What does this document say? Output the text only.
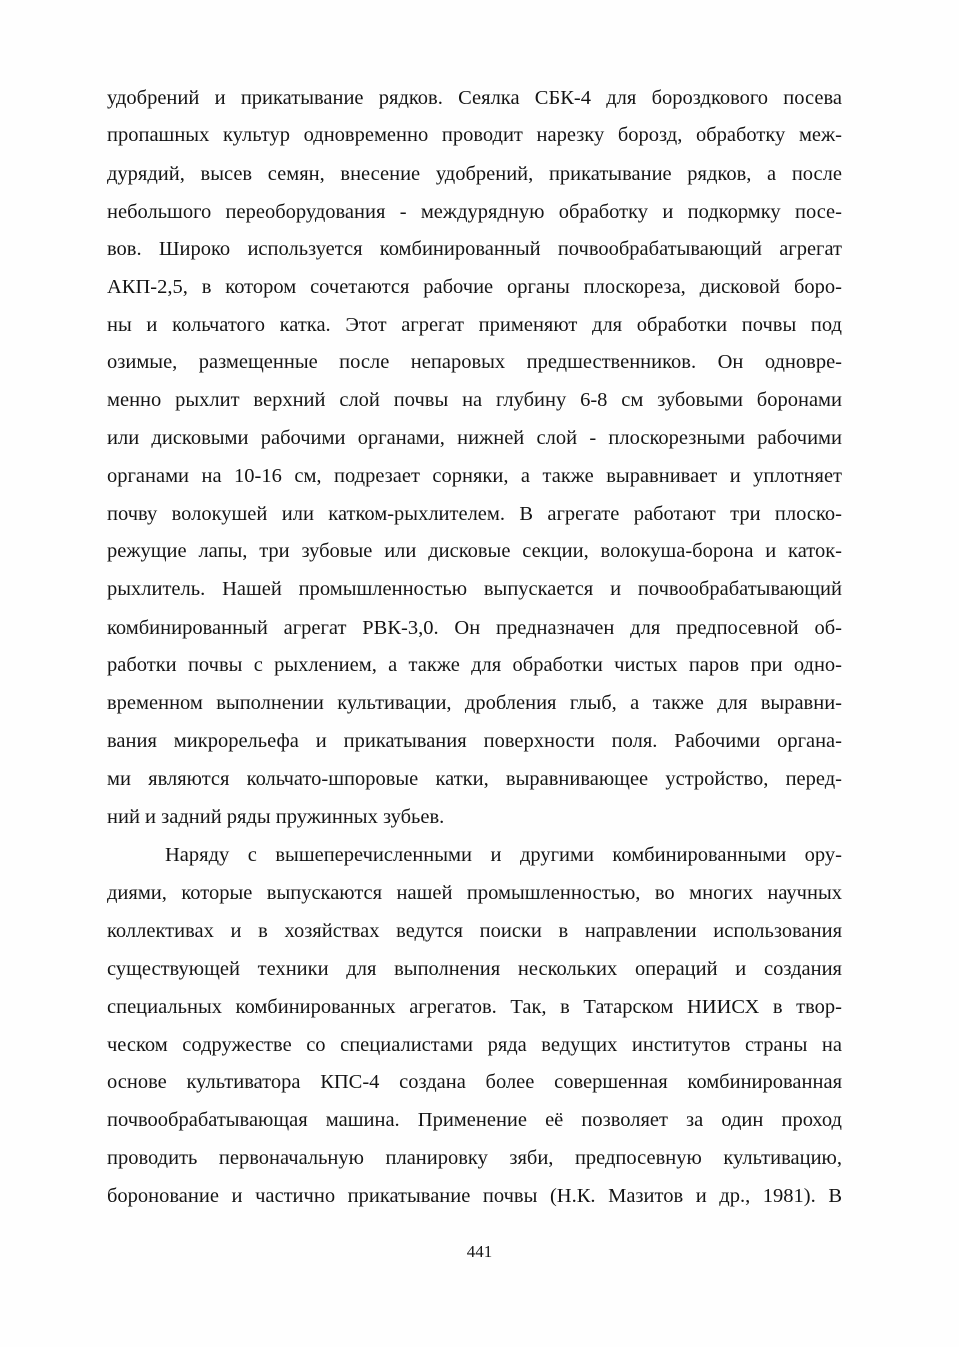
удобрений и прикатывание рядков. Сеялка СБК-4 для бороздкового посева
пропашных культур одновременно проводит нарезку борозд, обработку меж-
дурядий, высев семян, внесение удобрений, прикатывание рядков, а после
небольшого переоборудования - междурядную обработку и подкормку посе-
вов. Широко используется комбинированный почвообрабатывающий агрегат
АКП-2,5, в котором сочетаются рабочие органы плоскореза, дисковой боро-
ны и кольчатого катка. Этот агрегат применяют для обработки почвы под
озимые, размещенные после непаровых предшественников. Он одновре-
менно рыхлит верхний слой почвы на глубину 6-8 см зубовыми боронами
или дисковыми рабочими органами, нижней слой - плоскорезными рабочими
органами на 10-16 см, подрезает сорняки, а также выравнивает и уплотняет
почву волокушей или катком-рыхлителем. В агрегате работают три плоско-
режущие лапы, три зубовые или дисковые секции, волокуша-борона и каток-
рыхлитель. Нашей промышленностью выпускается и почвообрабатывающий
комбинированный агрегат РВК-3,0. Он предназначен для предпосевной об-
работки почвы с рыхлением, а также для обработки чистых паров при одно-
временном выполнении культивации, дробления глыб, а также для выравни-
вания микрорельефа и прикатывания поверхности поля. Рабочими органа-
ми являются кольчато-шпоровые катки, выравнивающее устройство, перед-
ний и задний ряды пружинных зубьев.
Наряду с вышеперечисленными и другими комбинированными ору-
диями, которые выпускаются нашей промышленностью, во многих научных
коллективах и в хозяйствах ведутся поиски в направлении использования
существующей техники для выполнения нескольких операций и создания
специальных комбинированных агрегатов. Так, в Татарском НИИСХ в твор-
ческом содружестве со специалистами ряда ведущих институтов страны на
основе культиватора КПС-4 создана более совершенная комбинированная
почвообрабатывающая машина. Применение её позволяет за один проход
проводить первоначальную планировку зяби, предпосевную культивацию,
боронование и частично прикатывание почвы (Н.К. Мазитов и др., 1981). В
441
